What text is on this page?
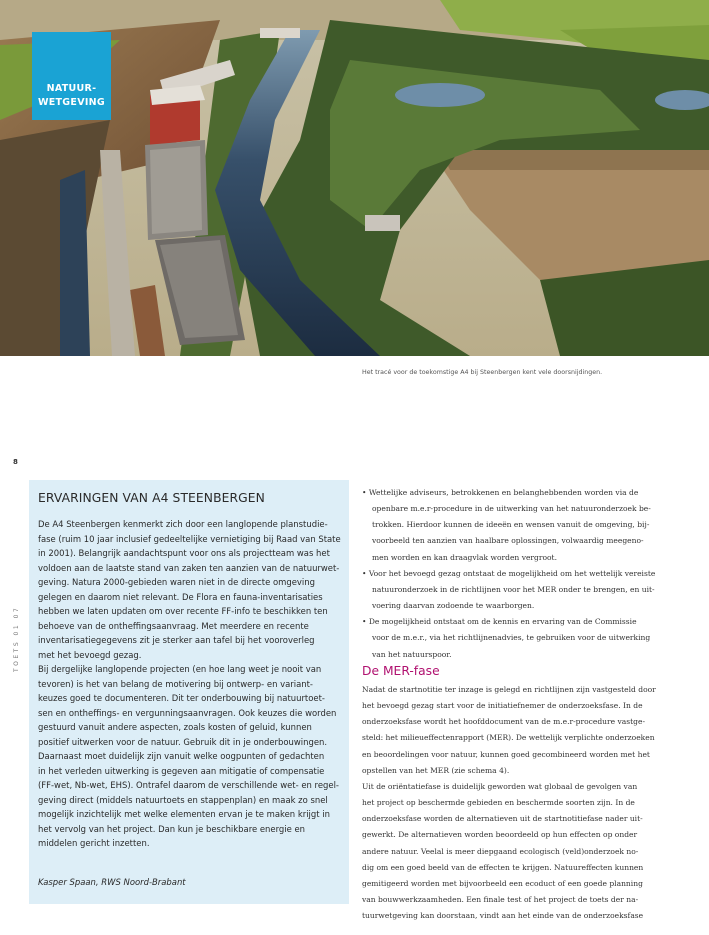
NATUUR-
WETGEVING
Het tracé voor de toekomstige A4 bij Steenbergen kent vele doorsnijdingen.
8
TOETS 01 07
ERVARINGEN VAN A4 STEENBERGEN
De A4 Steenbergen kenmerkt zich door een langlopende planstudie-
fase (ruim 10 jaar inclusief gedeeltelijke vernietiging bij Raad van State
in 2001). Belangrijk aandachtspunt voor ons als projectteam was het
voldoen aan de laatste stand van zaken ten aanzien van de natuurwet-
geving. Natura 2000-gebieden waren niet in de directe omgeving
gelegen en daarom niet relevant. De Flora en fauna-inventarisaties
hebben we laten updaten om over recente FF-info te beschikken ten
behoeve van de ontheffingsaanvraag. Met meerdere en recente
inventarisatiegegevens zit je sterker aan tafel bij het vooroverleg
met het bevoegd gezag.
Bij dergelijke langlopende projecten (en hoe lang weet je nooit van
tevoren) is het van belang de motivering bij ontwerp- en variant-
keuzes goed te documenteren. Dit ter onderbouwing bij natuurtoet-
sen en ontheffings- en vergunningsaanvragen. Ook keuzes die worden
gestuurd vanuit andere aspecten, zoals kosten of geluid, kunnen
positief uitwerken voor de natuur. Gebruik dit in je onderbouwingen.
Daarnaast moet duidelijk zijn vanuit welke oogpunten of gedachten
in het verleden uitwerking is gegeven aan mitigatie of compensatie
(FF-wet, Nb-wet, EHS). Ontrafel daarom de verschillende wet- en regel-
geving direct (middels natuurtoets en stappenplan) en maak zo snel
mogelijk inzichtelijk met welke elementen ervan je te maken krijgt in
het vervolg van het project. Dan kun je beschikbare energie en
middelen gericht inzetten.
Kasper Spaan, RWS Noord-Brabant
• Wettelijke adviseurs, betrokkenen en belanghebbenden worden via de
openbare m.e.r-procedure in de uitwerking van het natuuronderzoek be-
trokken. Hierdoor kunnen de ideeën en wensen vanuit de omgeving, bij-
voorbeeld ten aanzien van haalbare oplossingen, volwaardig meegeno-
men worden en kan draagvlak worden vergroot.
• Voor het bevoegd gezag ontstaat de mogelijkheid om het wettelijk vereiste
natuuronderzoek in de richtlijnen voor het MER onder te brengen, en uit-
voering daarvan zodoende te waarborgen.
• De mogelijkheid ontstaat om de kennis en ervaring van de Commissie
voor de m.e.r., via het richtlijnenadvies, te gebruiken voor de uitwerking
van het natuurspoor.
De MER-fase
Nadat de startnotitie ter inzage is gelegd en richtlijnen zijn vastgesteld door
het bevoegd gezag start voor de initiatiefnemer de onderzoeksfase. In de
onderzoeksfase wordt het hoofddocument van de m.e.r-procedure vastge-
steld: het milieueffectenrapport (MER). De wettelijk verplichte onderzoeken
en beoordelingen voor natuur, kunnen goed gecombineerd worden met het
opstellen van het MER (zie schema 4).
Uit de oriëntatiefase is duidelijk geworden wat globaal de gevolgen van
het project op beschermde gebieden en beschermde soorten zijn. In de
onderzoeksfase worden de alternatieven uit de startnotitiefase nader uit-
gewerkt. De alternatieven worden beoordeeld op hun effecten op onder
andere natuur. Veelal is meer diepgaand ecologisch (veld)onderzoek no-
dig om een goed beeld van de effecten te krijgen. Natuureffecten kunnen
gemitigeerd worden met bijvoorbeeld een ecoduct of een goede planning
van bouwwerkzaamheden. Een finale test of het project de toets der na-
tuurwetgeving kan doorstaan, vindt aan het einde van de onderzoeksfase
